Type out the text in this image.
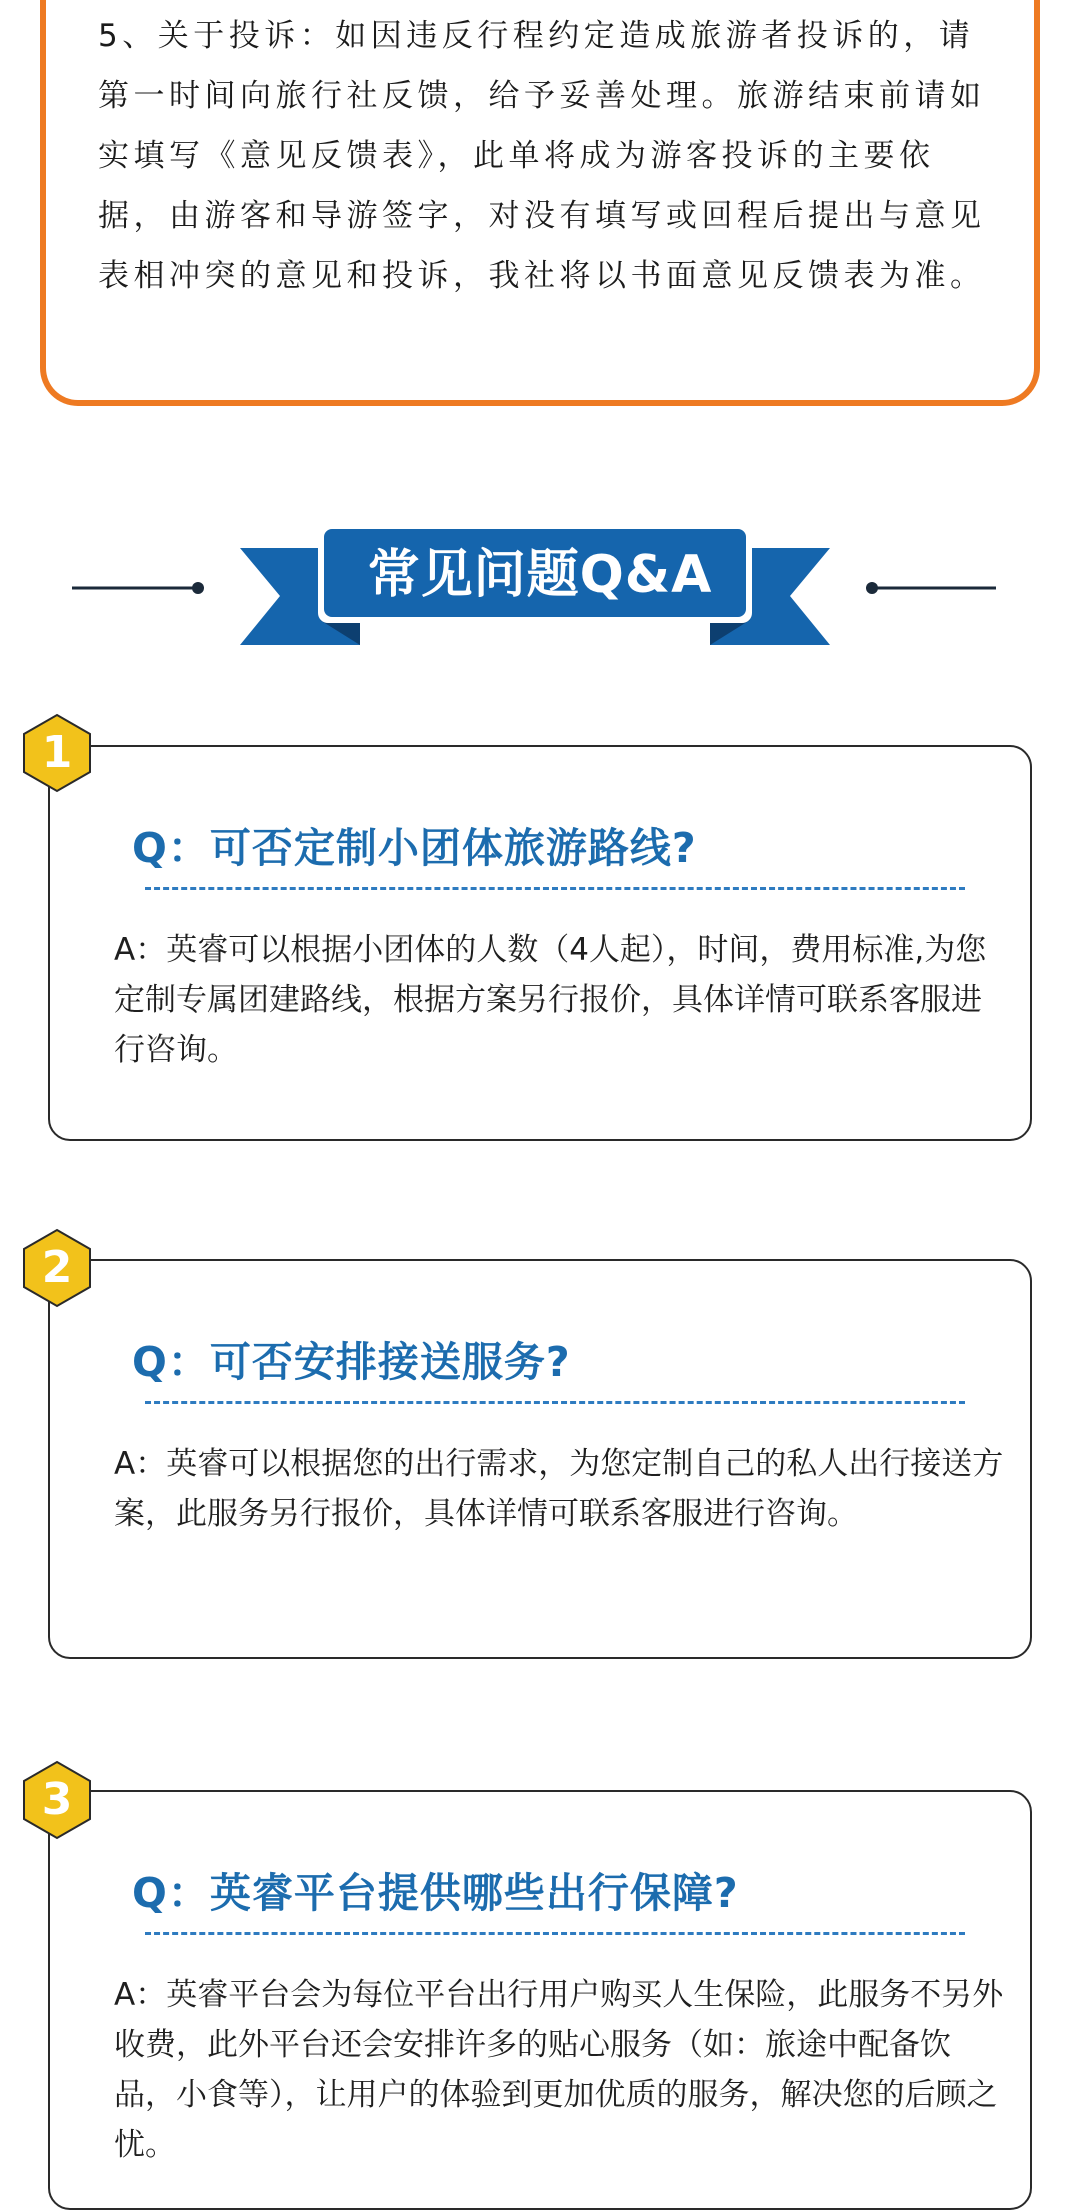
5、关于投诉：如因违反行程约定造成旅游者投诉的，请第一时间向旅行社反馈，给予妥善处理。旅游结束前请如实填写《意见反馈表》，此单将成为游客投诉的主要依据，由游客和导游签字，对没有填写或回程后提出与意见表相冲突的意见和投诉，我社将以书面意见反馈表为准。

常见问题Q&A
Q：可否定制小团体旅游路线?

A：英睿可以根据小团体的人数（4人起），时间，费用标准,为您定制专属团建路线，根据方案另行报价，具体详情可联系客服进行咨询。

1
Q：可否安排接送服务?

A：英睿可以根据您的出行需求，为您定制自己的私人出行接送方案，此服务另行报价，具体详情可联系客服进行咨询。

2
Q：英睿平台提供哪些出行保障?

A：英睿平台会为每位平台出行用户购买人生保险，此服务不另外收费，此外平台还会安排许多的贴心服务（如：旅途中配备饮品，小食等），让用户的体验到更加优质的服务，解决您的后顾之忧。

3
